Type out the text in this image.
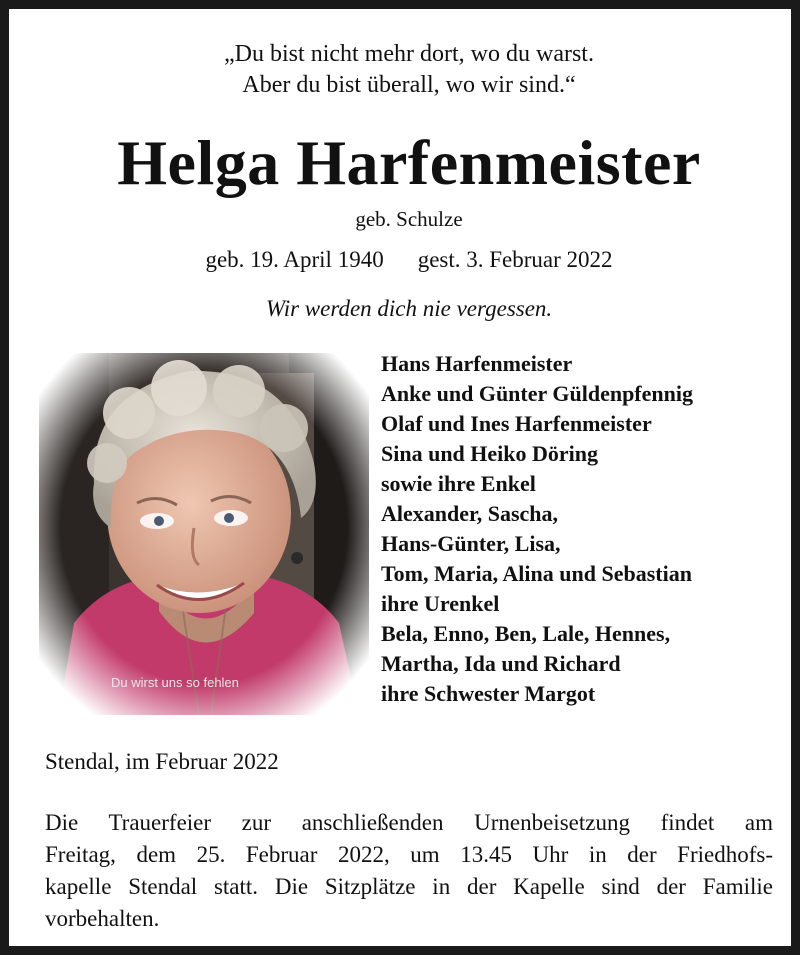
„Du bist nicht mehr dort, wo du warst.
Aber du bist überall, wo wir sind.“
Helga Harfenmeister
geb. Schulze
geb. 19. April 1940 gest. 3. Februar 2022
Wir werden dich nie vergessen.
Du wirst uns so fehlen
Hans Harfenmeister
Anke und Günter Güldenpfennig
Olaf und Ines Harfenmeister
Sina und Heiko Döring
sowie ihre Enkel
Alexander, Sascha,
Hans-Günter, Lisa,
Tom, Maria, Alina und Sebastian
ihre Urenkel
Bela, Enno, Ben, Lale, Hennes,
Martha, Ida und Richard
ihre Schwester Margot
Stendal, im Februar 2022
Die Trauerfeier zur anschließenden Urnenbeisetzung findet am
Freitag, dem 25. Februar 2022, um 13.45 Uhr in der Friedhofs-
kapelle Stendal statt. Die Sitzplätze in der Kapelle sind der Familie
vorbehalten.
